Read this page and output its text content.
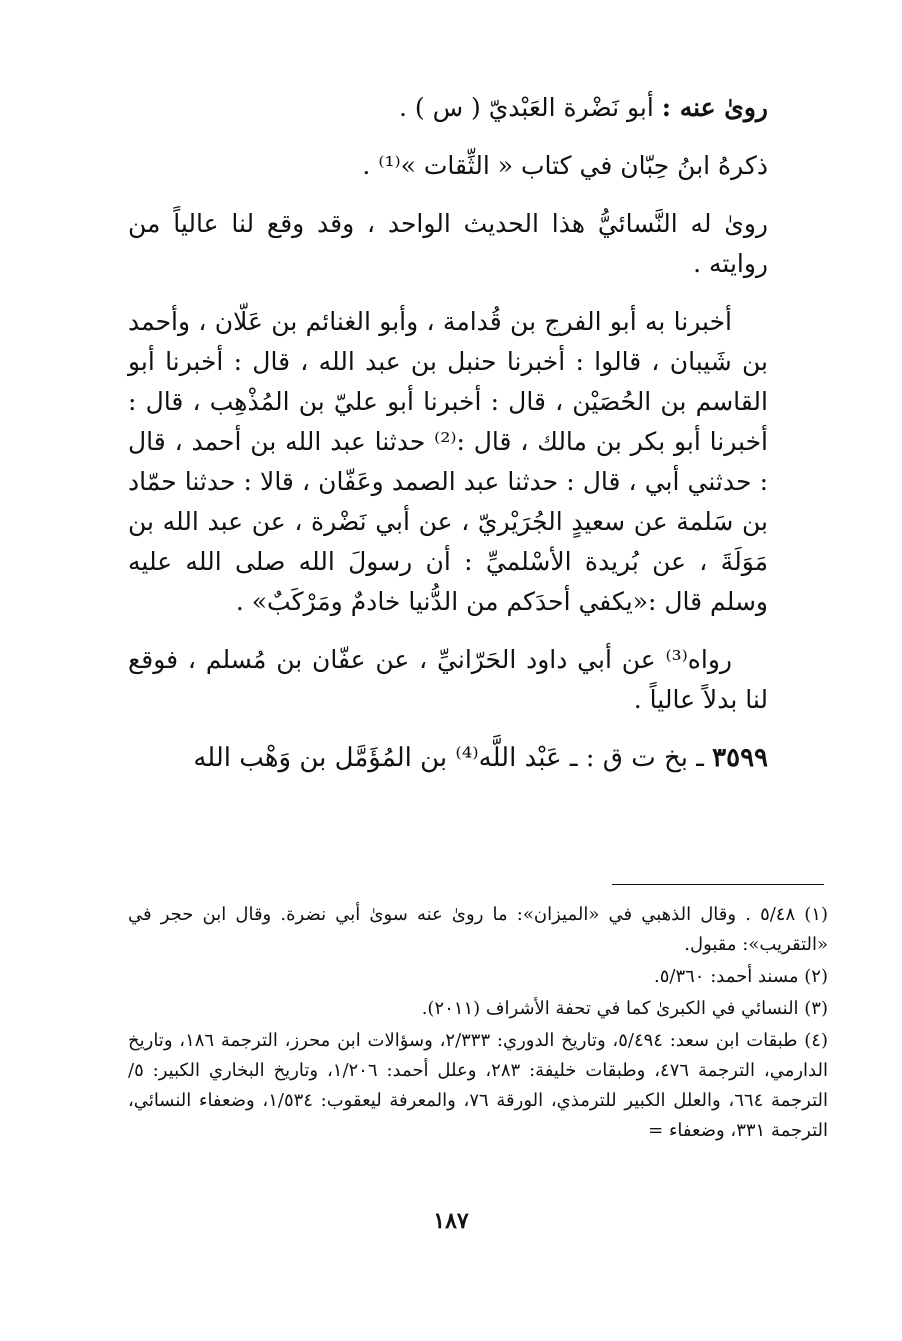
روىٰ عنه : أبو نَضْرة العَبْديّ ( س ) .

ذكرهُ ابنُ حِبّان في كتاب « الثِّقات »⁽¹⁾ .

روىٰ له النَّسائيُّ هذا الحديث الواحد ، وقد وقع لنا عالياً من روايته .

أخبرنا به أبو الفرج بن قُدامة ، وأبو الغنائم بن عَلّان ، وأحمد بن شَيبان ، قالوا : أخبرنا حنبل بن عبد الله ، قال : أخبرنا أبو القاسم بن الحُصَيْن ، قال : أخبرنا أبو عليّ بن المُذْهِب ، قال : أخبرنا أبو بكر بن مالك ، قال :⁽²⁾ حدثنا عبد الله بن أحمد ، قال : حدثني أبي ، قال : حدثنا عبد الصمد وعَفّان ، قالا : حدثنا حمّاد بن سَلمة عن سعيدٍ الجُرَيْريّ ، عن أبي نَضْرة ، عن عبد الله بن مَوَلَةَ ، عن بُريدة الأسْلميِّ : أن رسولَ الله صلى الله عليه وسلم قال :«يكفي أحدَكم من الدُّنيا خادمٌ ومَرْكَبٌ» .

رواه⁽³⁾ عن أبي داود الحَرّانيِّ ، عن عفّان بن مُسلم ، فوقع لنا بدلاً عالياً .

٣٥٩٩ ـ بخ ت ق : ـ عَبْد اللَّه⁽⁴⁾ بن المُؤَمَّل بن وَهْب الله

(١) ٥/٤٨ . وقال الذهبي في «الميزان»: ما روىٰ عنه سوىٰ أبي نضرة. وقال ابن حجر في «التقريب»: مقبول.

(٢) مسند أحمد: ٥/٣٦٠.

(٣) النسائي في الكبرىٰ كما في تحفة الأشراف (٢٠١١).

(٤) طبقات ابن سعد: ٥/٤٩٤، وتاريخ الدوري: ٢/٣٣٣، وسؤالات ابن محرز، الترجمة ١٨٦، وتاريخ الدارمي، الترجمة ٤٧٦، وطبقات خليفة: ٢٨٣، وعلل أحمد: ١/٢٠٦، وتاريخ البخاري الكبير: ٥/الترجمة ٦٦٤، والعلل الكبير للترمذي، الورقة ٧٦، والمعرفة ليعقوب: ١/٥٣٤، وضعفاء النسائي، الترجمة ٣٣١، وضعفاء =

١٨٧
